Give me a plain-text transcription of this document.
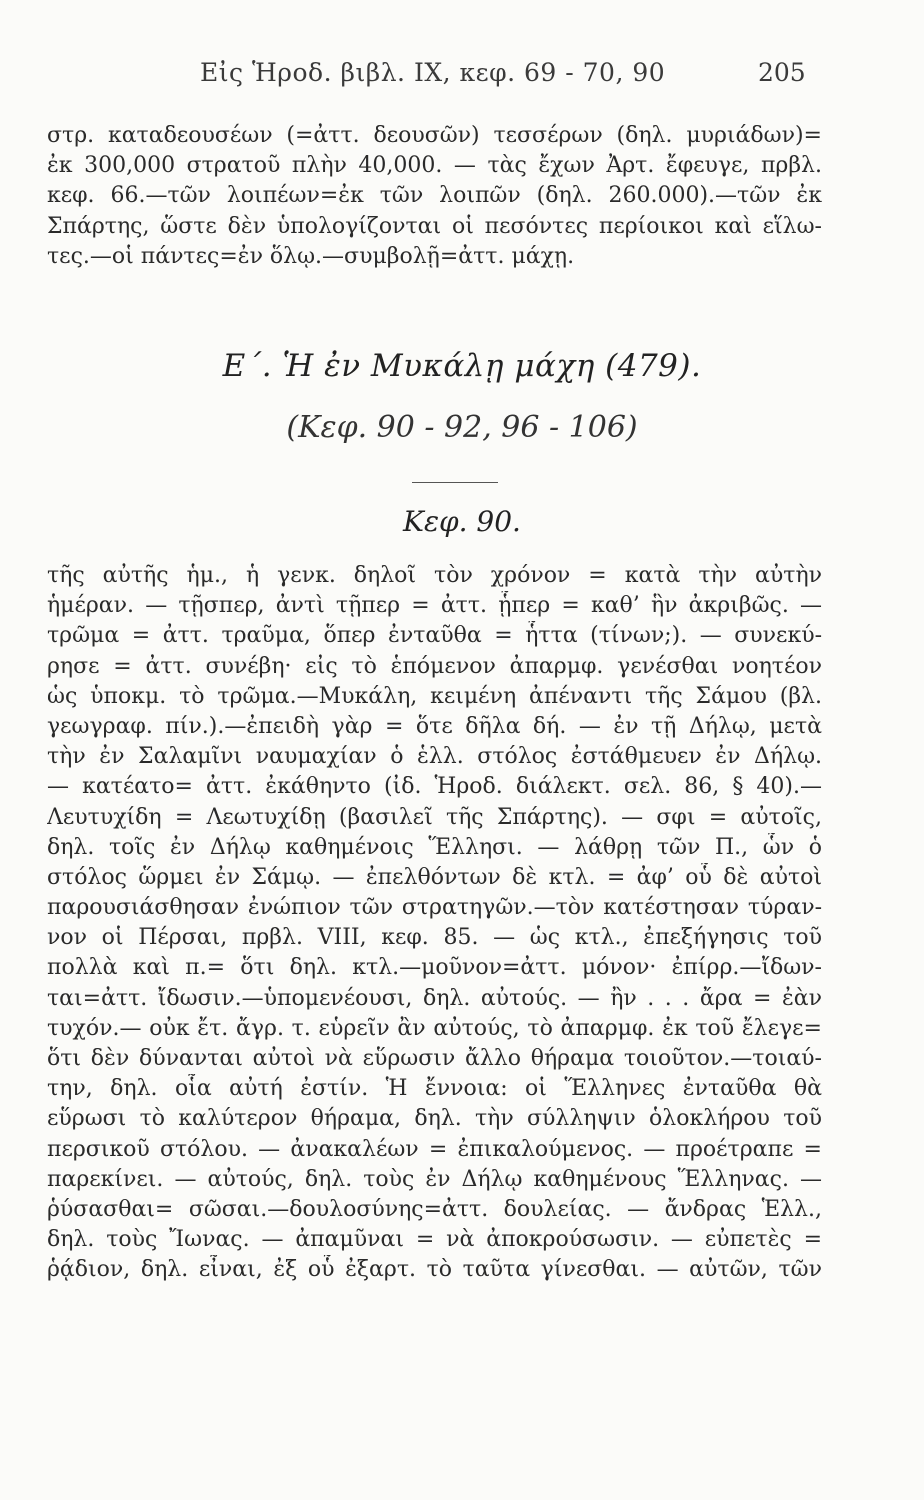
Εἰς Ἡροδ. βιβλ. IX, κεφ. 69 - 70, 90	205
στρ. καταδεουσέων (=ἀττ. δεουσῶν) τεσσέρων (δηλ. μυριάδων)=
ἐκ 300,000 στρατοῦ πλὴν 40,000. — τὰς ἔχων Ἀρτ. ἔφευγε, πρβλ.
κεφ. 66.—τῶν λοιπέων=ἐκ τῶν λοιπῶν (δηλ. 260.000).—τῶν ἐκ
Σπάρτης, ὥστε δὲν ὑπολογίζονται οἱ πεσόντες περίοικοι καὶ εἵλω-
τες.—οἱ πάντες=ἐν ὅλῳ.—συμβολῇ=ἀττ. μάχῃ.
Ε΄. Ἡ ἐν Μυκάλῃ μάχη (479).
(Κεφ. 90 - 92, 96 - 106)
Κεφ. 90.
τῆς αὐτῆς ἡμ., ἡ γενκ. δηλοῖ τὸν χρόνον = κατὰ τὴν αὐτὴν
ἡμέραν. — τῇσπερ, ἀντὶ τῇπερ = ἀττ. ᾗπερ = καθ’ ἣν ἀκριβῶς. —
τρῶμα = ἀττ. τραῦμα, ὅπερ ἐνταῦθα = ἧττα (τίνων;). — συνεκύ-
ρησε = ἀττ. συνέβη· εἰς τὸ ἑπόμενον ἀπαρμφ. γενέσθαι νοητέον
ὡς ὑποκμ. τὸ τρῶμα.—Μυκάλη, κειμένη ἀπέναντι τῆς Σάμου (βλ.
γεωγραφ. πίν.).—ἐπειδὴ γὰρ = ὅτε δῆλα δή. — ἐν τῇ Δήλῳ, μετὰ
τὴν ἐν Σαλαμῖνι ναυμαχίαν ὁ ἑλλ. στόλος ἐστάθμευεν ἐν Δήλῳ.
— κατέατο= ἀττ. ἐκάθηντο (ἰδ. Ἡροδ. διάλεκτ. σελ. 86, § 40).—
Λευτυχίδη = Λεωτυχίδῃ (βασιλεῖ τῆς Σπάρτης). — σφι = αὐτοῖς,
δηλ. τοῖς ἐν Δήλῳ καθημένοις Ἕλλησι. — λάθρῃ τῶν Π., ὧν ὁ
στόλος ὥρμει ἐν Σάμῳ. — ἐπελθόντων δὲ κτλ. = ἀφ’ οὗ δὲ αὐτοὶ
παρουσιάσθησαν ἐνώπιον τῶν στρατηγῶν.—τὸν κατέστησαν τύραν-
νον οἱ Πέρσαι, πρβλ. VIII, κεφ. 85. — ὡς κτλ., ἐπεξήγησις τοῦ
πολλὰ καὶ π.= ὅτι δηλ. κτλ.—μοῦνον=ἀττ. μόνον· ἐπίρρ.—ἴδων-
ται=ἀττ. ἴδωσιν.—ὑπομενέουσι, δηλ. αὐτούς. — ἢν . . . ἄρα = ἐὰν
τυχόν.— οὐκ ἔτ. ἄγρ. τ. εὑρεῖν ἂν αὐτούς, τὸ ἀπαρμφ. ἐκ τοῦ ἔλεγε=
ὅτι δὲν δύνανται αὐτοὶ νὰ εὕρωσιν ἄλλο θήραμα τοιοῦτον.—τοιαύ-
την, δηλ. οἷα αὐτή ἐστίν. Ἡ ἔννοια: οἱ Ἕλληνες ἐνταῦθα θὰ
εὕρωσι τὸ καλύτερον θήραμα, δηλ. τὴν σύλληψιν ὁλοκλήρου τοῦ
περσικοῦ στόλου. — ἀνακαλέων = ἐπικαλούμενος. — προέτραπε =
παρεκίνει. — αὐτούς, δηλ. τοὺς ἐν Δήλῳ καθημένους Ἕλληνας. —
ῥύσασθαι= σῶσαι.—δουλοσύνης=ἀττ. δουλείας. — ἄνδρας Ἑλλ.,
δηλ. τοὺς Ἴωνας. — ἀπαμῦναι = νὰ ἀποκρούσωσιν. — εὐπετὲς =
ῥᾴδιον, δηλ. εἶναι, ἐξ οὗ ἐξαρτ. τὸ ταῦτα γίνεσθαι. — αὐτῶν, τῶν
